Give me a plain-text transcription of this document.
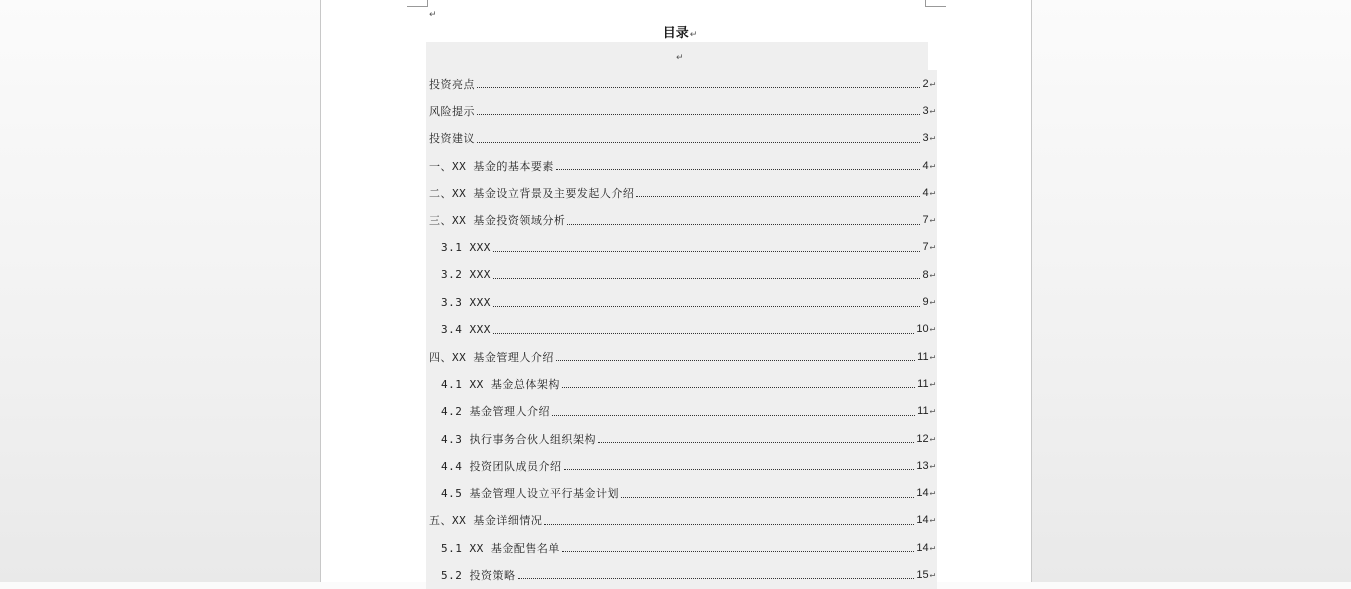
↵
目录↵
↵
投资亮点	2 ↵
风险提示	3 ↵
投资建议	3 ↵
一、XX 基金的基本要素	4 ↵
二、XX 基金设立背景及主要发起人介绍	4 ↵
三、XX 基金投资领域分析	7 ↵
3.1 XXX	7 ↵
3.2 XXX	8 ↵
3.3 XXX	9 ↵
3.4 XXX	10 ↵
四、XX 基金管理人介绍	11 ↵
4.1 XX 基金总体架构	11 ↵
4.2 基金管理人介绍	11 ↵
4.3 执行事务合伙人组织架构	12 ↵
4.4 投资团队成员介绍	13 ↵
4.5 基金管理人设立平行基金计划	14 ↵
五、XX 基金详细情况	14 ↵
5.1 XX 基金配售名单	14 ↵
5.2 投资策略	15 ↵
